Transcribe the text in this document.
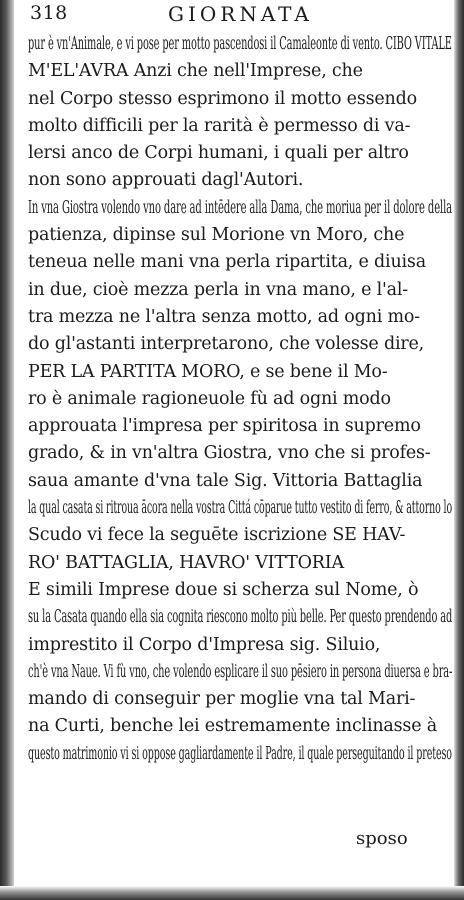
318	GIORNATA
pur è vn'Animale, e vi pose per motto pascendosi il Camaleonte di vento. CIBO VITALE
M'EL'AVRA Anzi che nell'Imprese, che
nel Corpo stesso esprimono il motto essendo
molto difficili per la rarità è permesso di va-
lersi anco de Corpi humani, i quali per altro
non sono approuati dagl'Autori.
In vna Giostra volendo vno dare ad intēdere alla Dama, che moriua per il dolore della
patienza, dipinse sul Morione vn Moro, che
teneua nelle mani vna perla ripartita, e diuisa
in due, cioè mezza perla in vna mano, e l'al-
tra mezza ne l'altra senza motto, ad ogni mo-
do gl'astanti interpretarono, che volesse dire,
PER LA PARTITA MORO, e se bene il Mo-
ro è animale ragioneuole fù ad ogni modo
approuata l'impresa per spiritosa in supremo
grado, & in vn'altra Giostra, vno che si profes-
saua amante d'vna tale Sig. Vittoria Battaglia
la qual casata si ritroua ācora nella vostra Cittá cōparue tutto vestito di ferro, & attorno lo
Scudo vi fece la seguēte iscrizione SE HAV-
RO' BATTAGLIA, HAVRO' VITTORIA
E simili Imprese doue si scherza sul Nome, ò
su la Casata quando ella sia cognita riescono molto più belle. Per questo prendendo ad
imprestito il Corpo d'Impresa sig. Siluio,
ch'è vna Naue. Vi fù vno, che volendo esplicare il suo pēsiero in persona diuersa e bra-
mando di conseguir per moglie vna tal Mari-
na Curti, benche lei estremamente inclinasse à
questo matrimonio vi si oppose gagliardamente il Padre, il quale perseguitando il preteso
sposo
